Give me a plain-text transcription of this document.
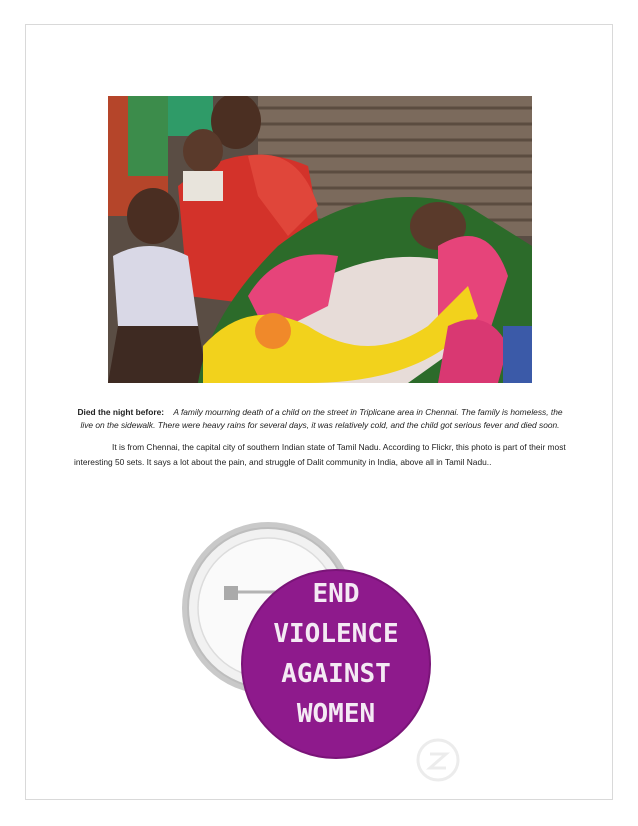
Died the night before: A family mourning death of a child on the street in Triplicane area in Chennai. The family is homeless, the live on the sidewalk. There were heavy rains for several days, it was relatively cold, and the child got serious fever and died soon.
It is from Chennai, the capital city of southern Indian state of Tamil Nadu. According to Flickr, this photo is part of their most interesting 50 sets. It says a lot about the pain, and struggle of Dalit community in India, above all in Tamil Nadu..
END
VIOLENCE
AGAINST
WOMEN
